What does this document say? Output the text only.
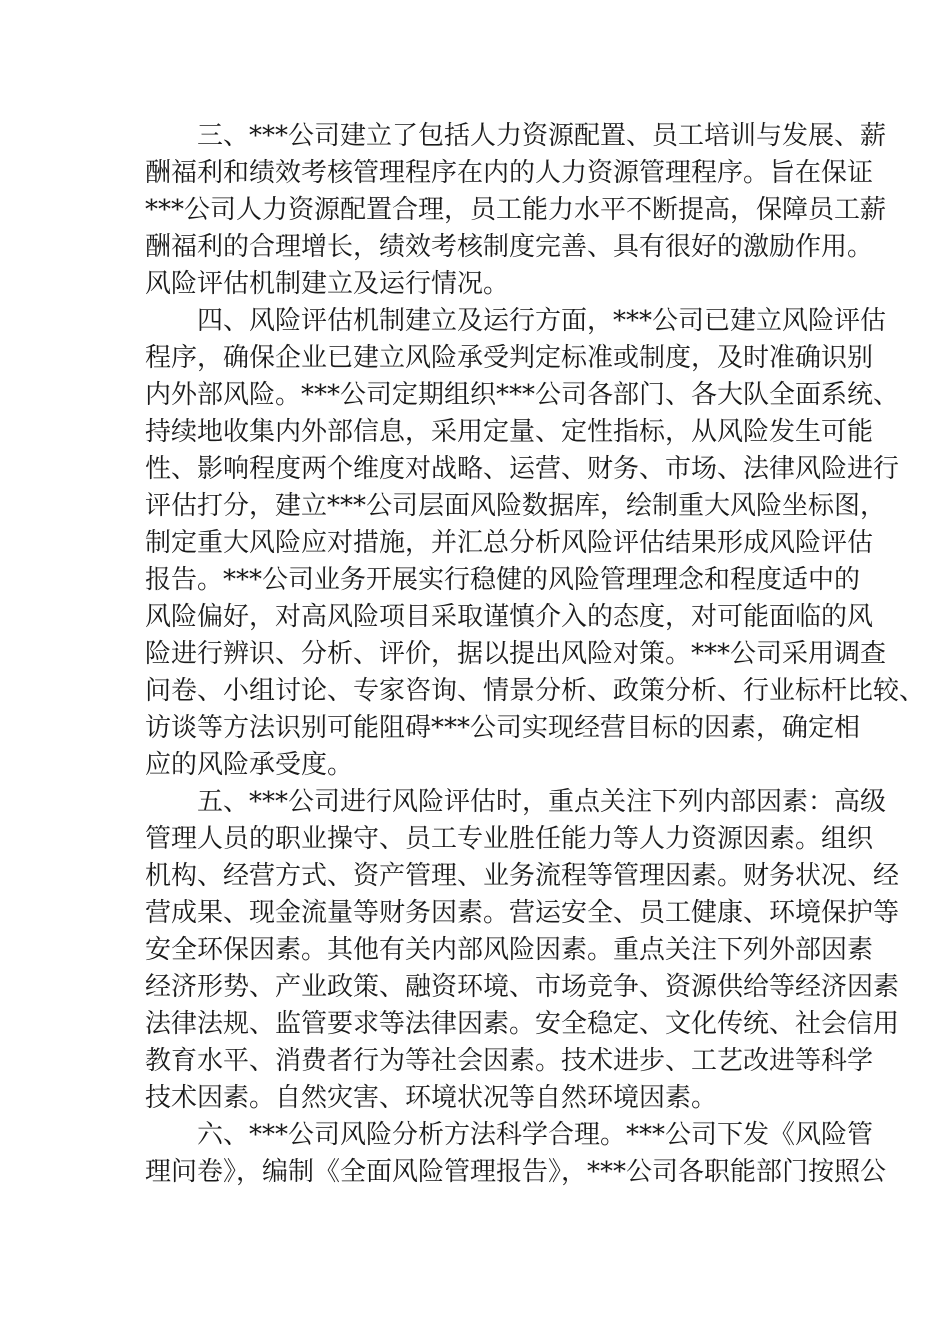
三、***公司建立了包括人力资源配置、员工培训与发展、薪
酬福利和绩效考核管理程序在内的人力资源管理程序。旨在保证
***公司人力资源配置合理，员工能力水平不断提高，保障员工薪
酬福利的合理增长，绩效考核制度完善、具有很好的激励作用。
风险评估机制建立及运行情况。
四、风险评估机制建立及运行方面，***公司已建立风险评估
程序，确保企业已建立风险承受判定标准或制度，及时准确识别
内外部风险。***公司定期组织***公司各部门、各大队全面系统、
持续地收集内外部信息，采用定量、定性指标，从风险发生可能
性、影响程度两个维度对战略、运营、财务、市场、法律风险进行
评估打分，建立***公司层面风险数据库，绘制重大风险坐标图，
制定重大风险应对措施，并汇总分析风险评估结果形成风险评估
报告。***公司业务开展实行稳健的风险管理理念和程度适中的
风险偏好，对高风险项目采取谨慎介入的态度，对可能面临的风
险进行辨识、分析、评价，据以提出风险对策。***公司采用调查
问卷、小组讨论、专家咨询、情景分析、政策分析、行业标杆比较、
访谈等方法识别可能阻碍***公司实现经营目标的因素，确定相
应的风险承受度。
五、***公司进行风险评估时，重点关注下列内部因素：高级
管理人员的职业操守、员工专业胜任能力等人力资源因素。组织
机构、经营方式、资产管理、业务流程等管理因素。财务状况、经
营成果、现金流量等财务因素。营运安全、员工健康、环境保护等
安全环保因素。其他有关内部风险因素。重点关注下列外部因素
经济形势、产业政策、融资环境、市场竞争、资源供给等经济因素
法律法规、监管要求等法律因素。安全稳定、文化传统、社会信用
教育水平、消费者行为等社会因素。技术进步、工艺改进等科学
技术因素。自然灾害、环境状况等自然环境因素。
六、***公司风险分析方法科学合理。***公司下发《风险管
理问卷》，编制《全面风险管理报告》，***公司各职能部门按照公
